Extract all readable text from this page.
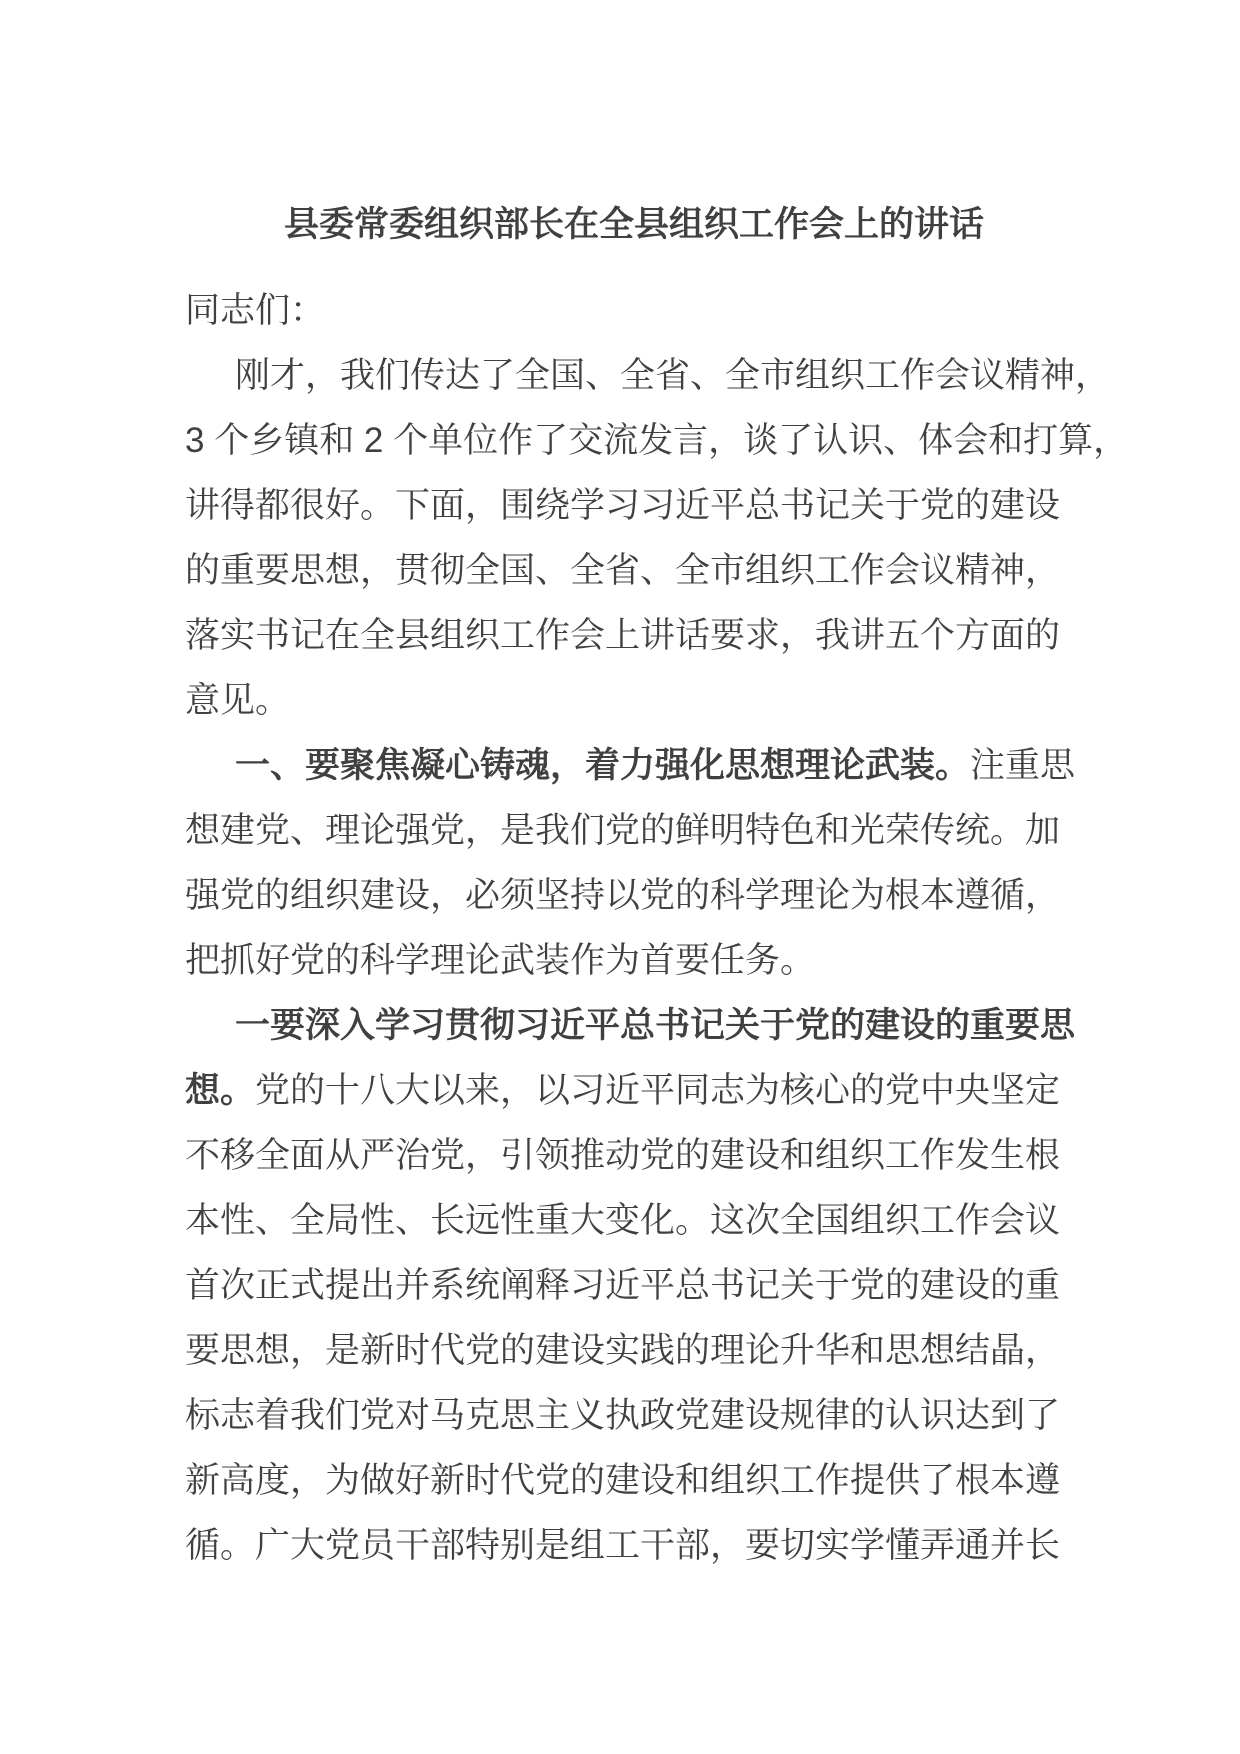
县委常委组织部长在全县组织工作会上的讲话
同志们：
刚才，我们传达了全国、全省、全市组织工作会议精神，
3 个乡镇和 2 个单位作了交流发言，谈了认识、体会和打算，
讲得都很好。下面，围绕学习习近平总书记关于党的建设
的重要思想，贯彻全国、全省、全市组织工作会议精神，
落实书记在全县组织工作会上讲话要求，我讲五个方面的
意见。
一、要聚焦凝心铸魂，着力强化思想理论武装。注重思
想建党、理论强党，是我们党的鲜明特色和光荣传统。加
强党的组织建设，必须坚持以党的科学理论为根本遵循，
把抓好党的科学理论武装作为首要任务。
一要深入学习贯彻习近平总书记关于党的建设的重要思
想。党的十八大以来，以习近平同志为核心的党中央坚定
不移全面从严治党，引领推动党的建设和组织工作发生根
本性、全局性、长远性重大变化。这次全国组织工作会议
首次正式提出并系统阐释习近平总书记关于党的建设的重
要思想，是新时代党的建设实践的理论升华和思想结晶，
标志着我们党对马克思主义执政党建设规律的认识达到了
新高度，为做好新时代党的建设和组织工作提供了根本遵
循。广大党员干部特别是组工干部，要切实学懂弄通并长
